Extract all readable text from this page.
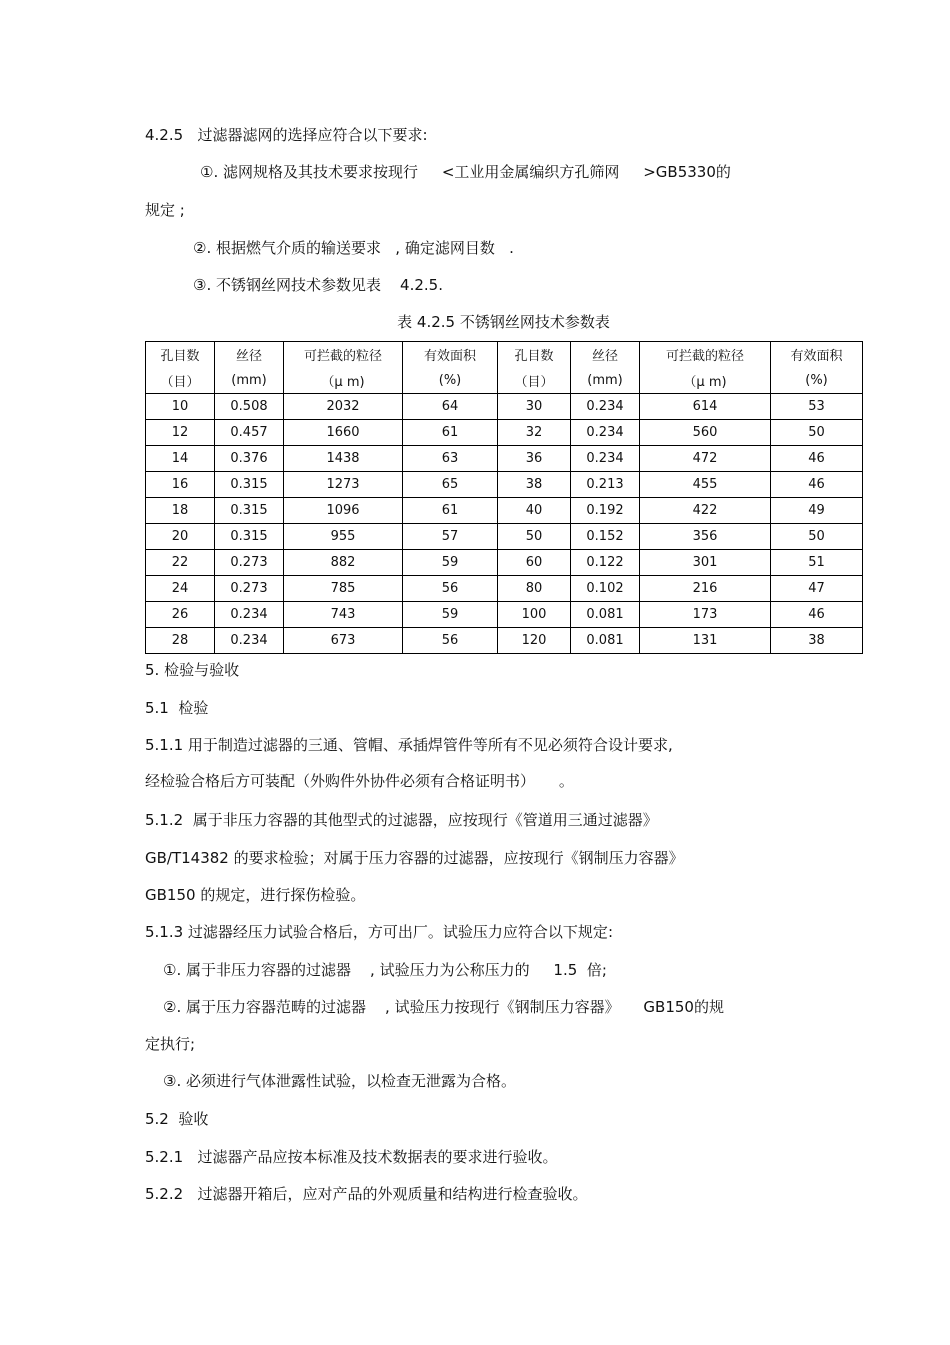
4.2.5   过滤器滤网的选择应符合以下要求:
①. 滤网规格及其技术要求按现行     <工业用金属编织方孔筛网     >GB5330的
规定 ;
②. 根据燃气介质的输送要求   , 确定滤网目数   .
③. 不锈钢丝网技术参数见表    4.2.5.
表 4.2.5 不锈钢丝网技术参数表
孔目数	丝径	可拦截的粒径	有效面积	孔目数	丝径	可拦截的粒径	有效面积
（目）	(mm)	（μ m)	(%)	（目）	(mm)	（μ m)	(%)
10	0.508	2032	64	30	0.234	614	53
12	0.457	1660	61	32	0.234	560	50
14	0.376	1438	63	36	0.234	472	46
16	0.315	1273	65	38	0.213	455	46
18	0.315	1096	61	40	0.192	422	49
20	0.315	955	57	50	0.152	356	50
22	0.273	882	59	60	0.122	301	51
24	0.273	785	56	80	0.102	216	47
26	0.234	743	59	100	0.081	173	46
28	0.234	673	56	120	0.081	131	38
5. 检验与验收
5.1  检验
5.1.1 用于制造过滤器的三通、管帽、承插焊管件等所有不见必须符合设计要求,
经检验合格后方可装配（外购件外协件必须有合格证明书）     。
5.1.2  属于非压力容器的其他型式的过滤器，应按现行《管道用三通过滤器》
GB/T14382 的要求检验；对属于压力容器的过滤器，应按现行《钢制压力容器》
GB150 的规定，进行探伤检验。
5.1.3 过滤器经压力试验合格后，方可出厂。试验压力应符合以下规定:
①. 属于非压力容器的过滤器    , 试验压力为公称压力的     1.5  倍;
②. 属于压力容器范畴的过滤器    , 试验压力按现行《钢制压力容器》     GB150的规
定执行;
③. 必须进行气体泄露性试验，以检查无泄露为合格。
5.2  验收
5.2.1   过滤器产品应按本标准及技术数据表的要求进行验收。
5.2.2   过滤器开箱后，应对产品的外观质量和结构进行检查验收。
